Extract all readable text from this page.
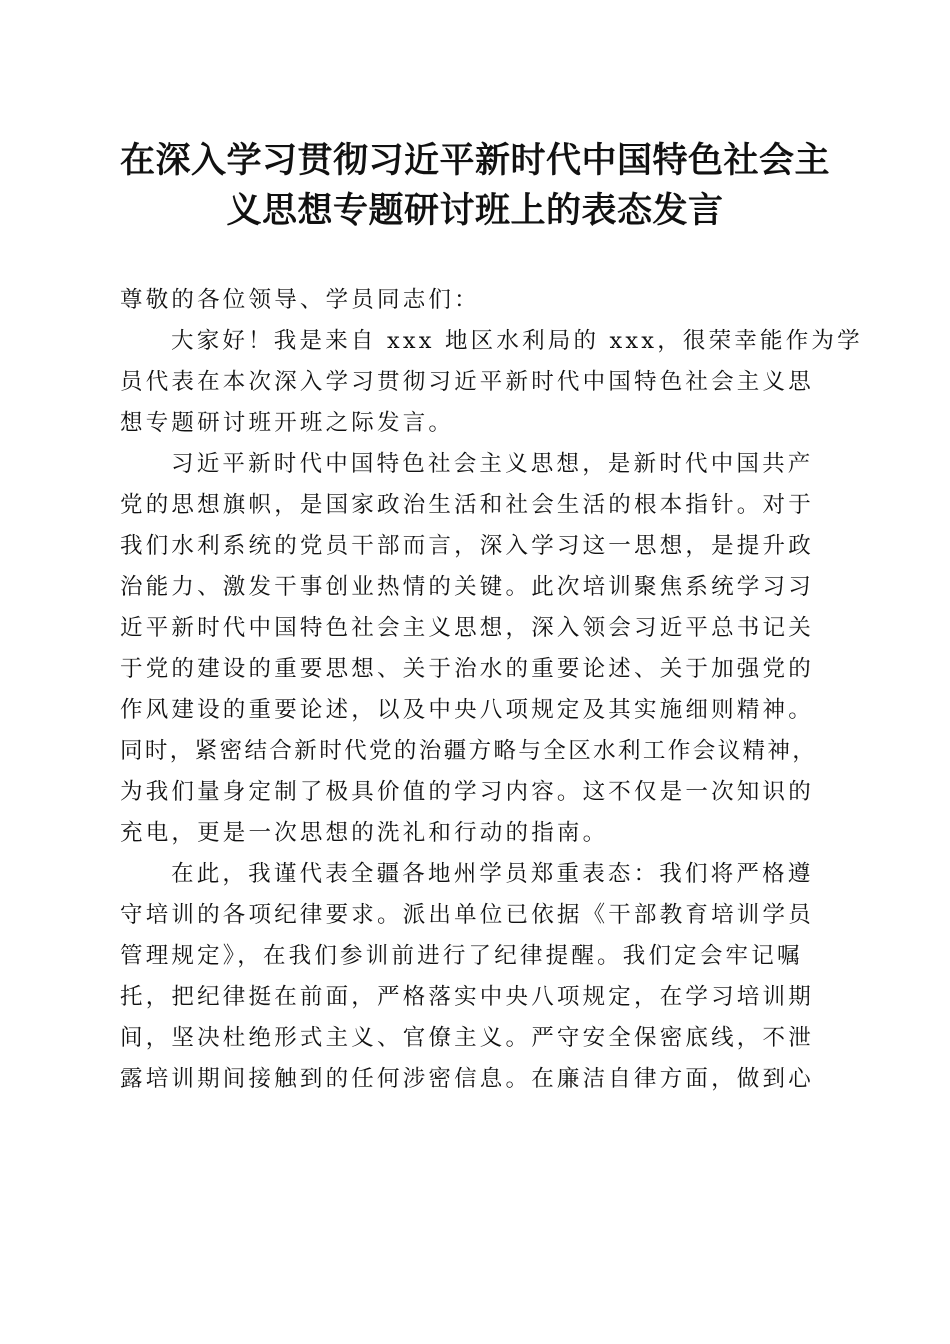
在深入学习贯彻习近平新时代中国特色社会主
义思想专题研讨班上的表态发言
尊敬的各位领导、学员同志们：
大家好！我是来自 xxx 地区水利局的 xxx，很荣幸能作为学
员代表在本次深入学习贯彻习近平新时代中国特色社会主义思
想专题研讨班开班之际发言。
习近平新时代中国特色社会主义思想，是新时代中国共产
党的思想旗帜，是国家政治生活和社会生活的根本指针。对于
我们水利系统的党员干部而言，深入学习这一思想，是提升政
治能力、激发干事创业热情的关键。此次培训聚焦系统学习习
近平新时代中国特色社会主义思想，深入领会习近平总书记关
于党的建设的重要思想、关于治水的重要论述、关于加强党的
作风建设的重要论述，以及中央八项规定及其实施细则精神。
同时，紧密结合新时代党的治疆方略与全区水利工作会议精神，
为我们量身定制了极具价值的学习内容。这不仅是一次知识的
充电，更是一次思想的洗礼和行动的指南。
在此，我谨代表全疆各地州学员郑重表态：我们将严格遵
守培训的各项纪律要求。派出单位已依据《干部教育培训学员
管理规定》，在我们参训前进行了纪律提醒。我们定会牢记嘱
托，把纪律挺在前面，严格落实中央八项规定，在学习培训期
间，坚决杜绝形式主义、官僚主义。严守安全保密底线，不泄
露培训期间接触到的任何涉密信息。在廉洁自律方面，做到心
